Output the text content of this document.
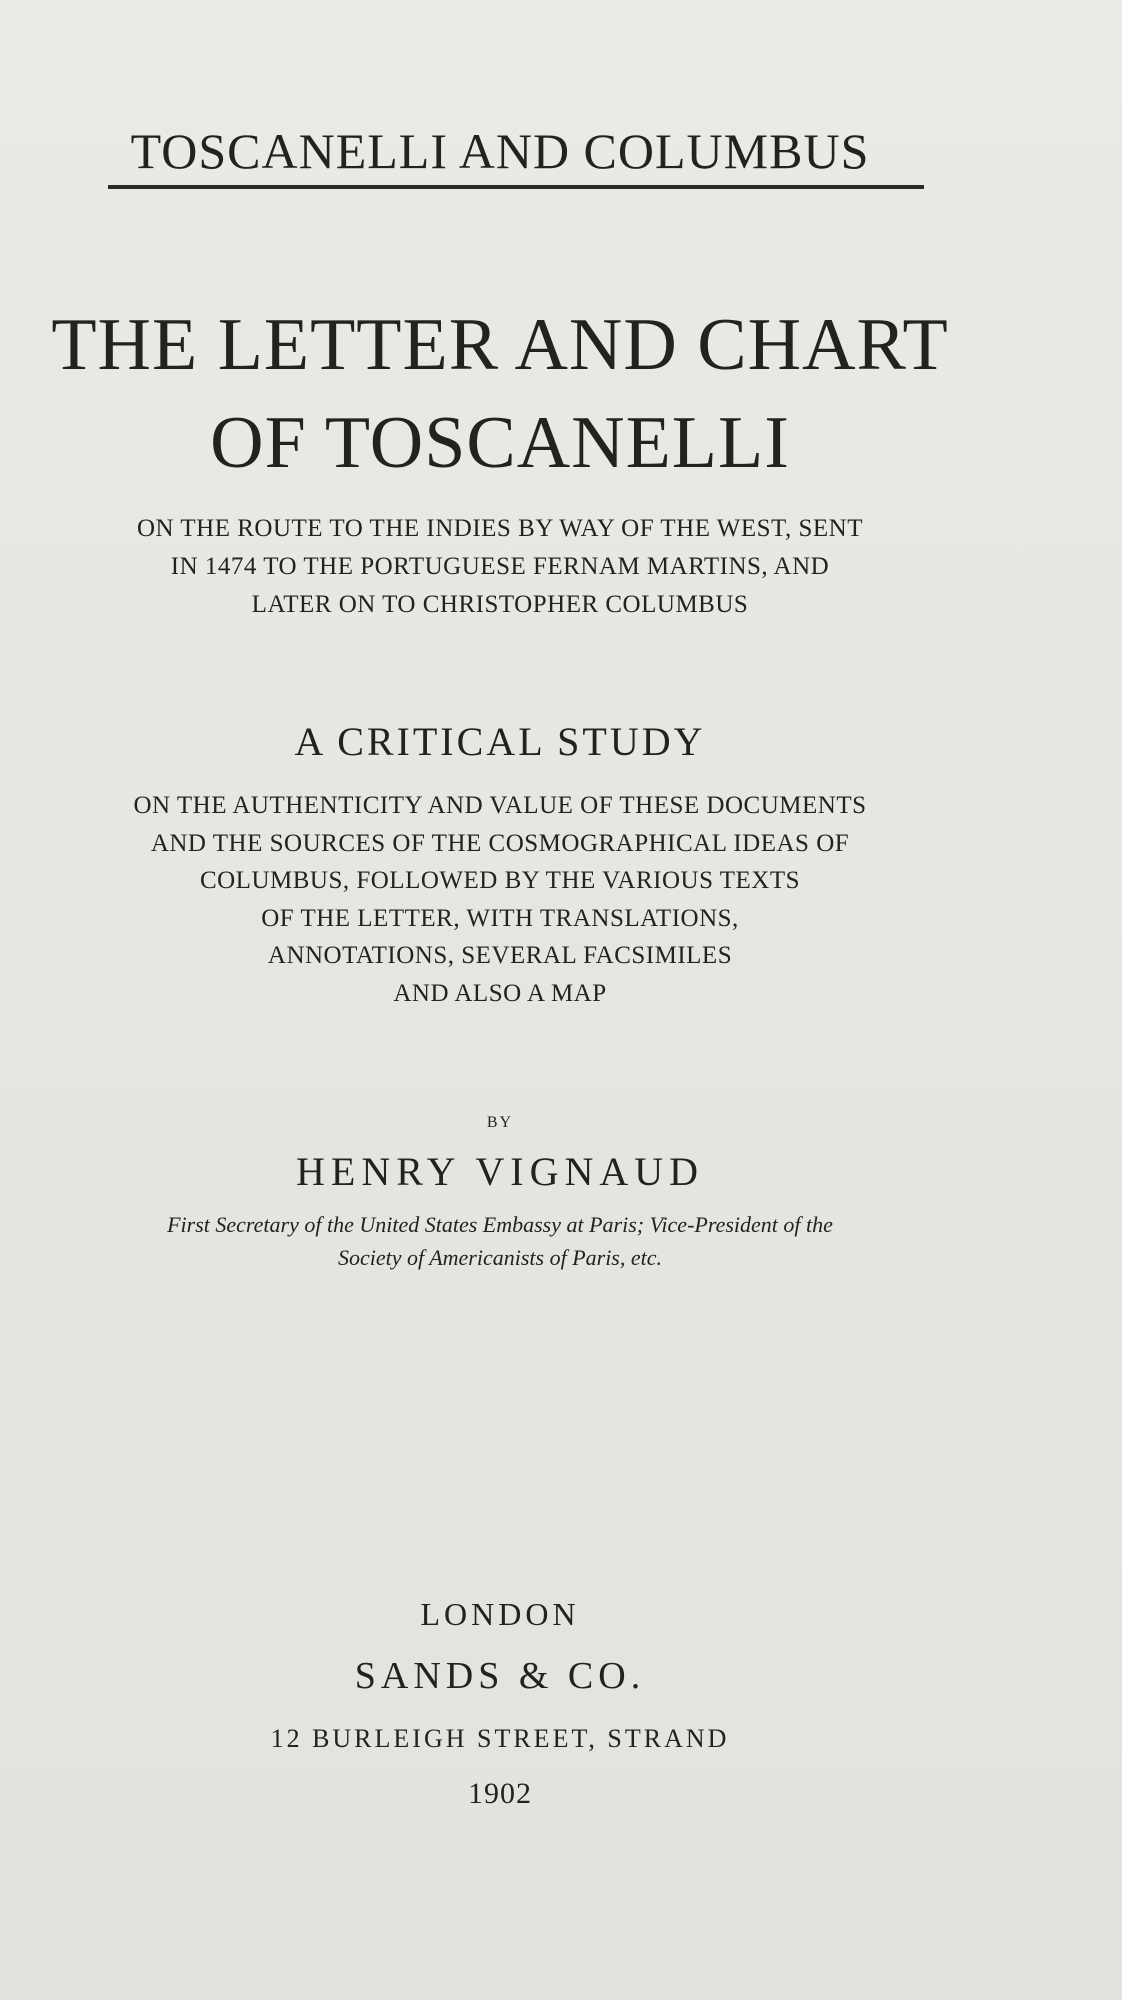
TOSCANELLI AND COLUMBUS
THE LETTER AND CHART
OF TOSCANELLI
ON THE ROUTE TO THE INDIES BY WAY OF THE WEST, SENT
IN 1474 TO THE PORTUGUESE FERNAM MARTINS, AND
LATER ON TO CHRISTOPHER COLUMBUS
A CRITICAL STUDY
ON THE AUTHENTICITY AND VALUE OF THESE DOCUMENTS
AND THE SOURCES OF THE COSMOGRAPHICAL IDEAS OF
COLUMBUS, FOLLOWED BY THE VARIOUS TEXTS
OF THE LETTER, WITH TRANSLATIONS,
ANNOTATIONS, SEVERAL FACSIMILES
AND ALSO A MAP
BY
HENRY VIGNAUD
First Secretary of the United States Embassy at Paris; Vice-President of the
Society of Americanists of Paris, etc.
LONDON
SANDS & CO.
12 BURLEIGH STREET, STRAND
1902
